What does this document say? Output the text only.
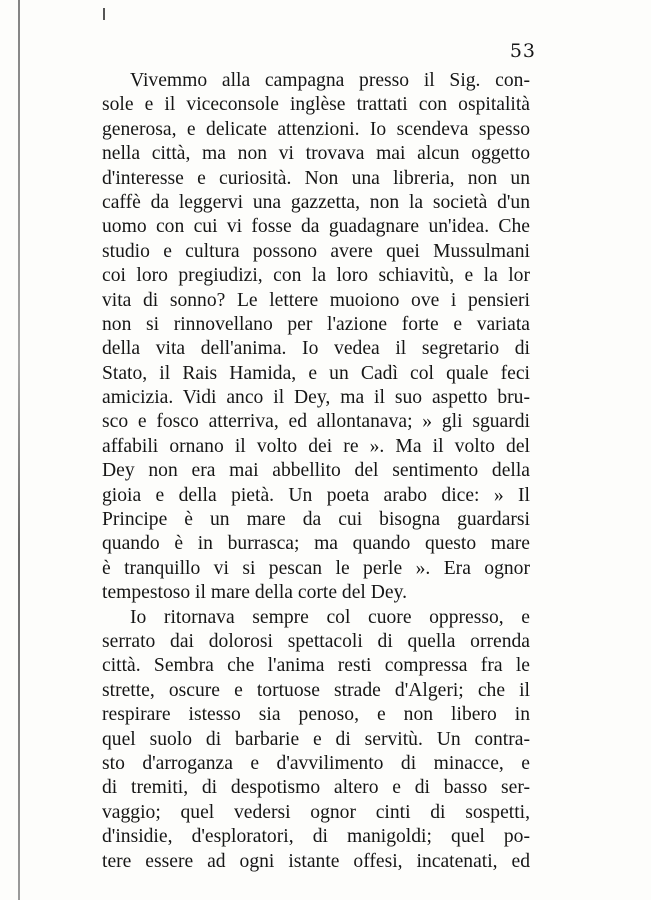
53
Vivemmo alla campagna presso il Sig. con-
sole e il viceconsole inglèse trattati con ospitalità
generosa, e delicate attenzioni. Io scendeva spesso
nella città, ma non vi trovava mai alcun oggetto
d'interesse e curiosità. Non una libreria, non un
caffè da leggervi una gazzetta, non la società d'un
uomo con cui vi fosse da guadagnare un'idea. Che
studio e cultura possono avere quei Mussulmani
coi loro pregiudizi, con la loro schiavitù, e la lor
vita di sonno? Le lettere muoiono ove i pensieri
non si rinnovellano per l'azione forte e variata
della vita dell'anima. Io vedea il segretario di
Stato, il Rais Hamida, e un Cadì col quale feci
amicizia. Vidi anco il Dey, ma il suo aspetto bru-
sco e fosco atterriva, ed allontanava; » gli sguardi
affabili ornano il volto dei re ». Ma il volto del
Dey non era mai abbellito del sentimento della
gioia e della pietà. Un poeta arabo dice: » Il
Principe è un mare da cui bisogna guardarsi
quando è in burrasca; ma quando questo mare
è tranquillo vi si pescan le perle ». Era ognor
tempestoso il mare della corte del Dey.
Io ritornava sempre col cuore oppresso, e
serrato dai dolorosi spettacoli di quella orrenda
città. Sembra che l'anima resti compressa fra le
strette, oscure e tortuose strade d'Algeri; che il
respirare istesso sia penoso, e non libero in
quel suolo di barbarie e di servitù. Un contra-
sto d'arroganza e d'avvilimento di minacce, e
di tremiti, di despotismo altero e di basso ser-
vaggio; quel vedersi ognor cinti di sospetti,
d'insidie, d'esploratori, di manigoldi; quel po-
tere essere ad ogni istante offesi, incatenati, ed
